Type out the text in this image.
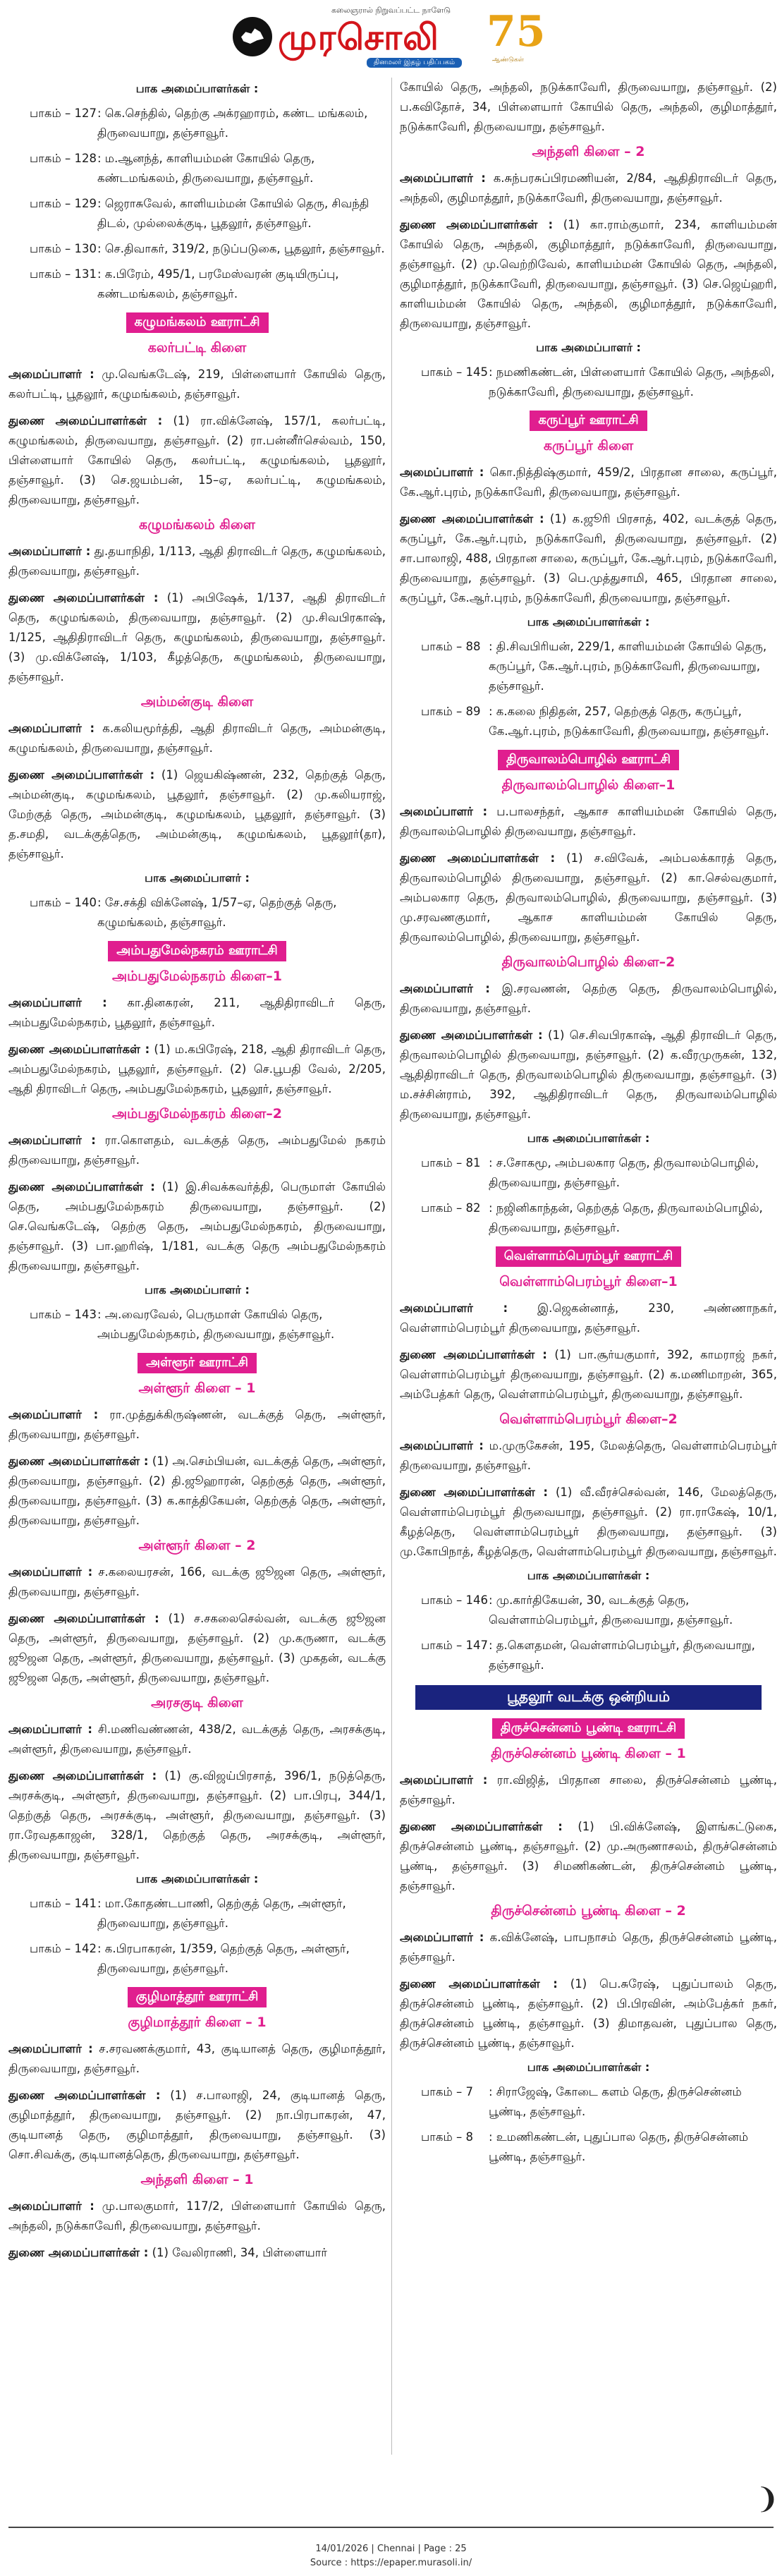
கலைஞரால் நிறுவப்பட்ட நாளேடு
முரசொலி
தினமலர் இதழ் பதிப்பகம்
75
ஆண்டுகள்
பாக அமைப்பாளர்கள் :
பாகம் – 127 : கெ.செந்தில், தெற்கு அக்ரஹாரம், கண்ட மங்கலம், திருவையாறு, தஞ்சாவூர்.
பாகம் – 128 : ம.ஆனந்த், காளியம்மன் கோயில் தெரு, கண்டமங்கலம், திருவையாறு, தஞ்சாவூர்.
பாகம் – 129 : ஜெராசுவேல், காளியம்மன் கோயில் தெரு, சிவந்தி திடல், முல்லைக்குடி, பூதலூர், தஞ்சாவூர்.
பாகம் – 130 : செ.திவாகர், 319/2, நடுப்படுகை, பூதலூர், தஞ்சாவூர்.
பாகம் – 131 : க.பிரேம், 495/1, பரமேஸ்வரன் குடியிருப்பு, கண்டமங்கலம், தஞ்சாவூர்.
கழுமங்கலம் ஊராட்சி
கலர்பட்டி கிளை

அமைப்பாளர் : மு.வெங்கடேஷ், 219, பிள்ளையார் கோயில் தெரு, கலர்பட்டி, பூதலூர், கழுமங்கலம், தஞ்சாவூர்.

துணை அமைப்பாளர்கள் : (1) ரா.விக்னேஷ், 157/1, கலர்பட்டி, கழுமங்கலம், திருவையாறு, தஞ்சாவூர். (2) ரா.பன்னீர்செல்வம், 150, பிள்ளையார் கோயில் தெரு, கலர்பட்டி, கழுமங்கலம், பூதலூர், தஞ்சாவூர். (3) செ.ஜயம்பன், 15–ஏ, கலர்பட்டி, கழுமங்கலம், திருவையாறு, தஞ்சாவூர்.

கழுமங்கலம் கிளை

அமைப்பாளர் : து.தயாநிதி, 1/113, ஆதி திராவிடர் தெரு, கழுமங்கலம், திருவையாறு, தஞ்சாவூர்.

துணை அமைப்பாளர்கள் : (1) அபிஷேக், 1/137, ஆதி திராவிடர் தெரு, கழுமங்கலம், திருவையாறு, தஞ்சாவூர். (2) மு.சிவபிரகாஷ், 1/125, ஆதிதிராவிடர் தெரு, கழுமங்கலம், திருவையாறு, தஞ்சாவூர். (3) மு.விக்னேஷ், 1/103, கீழத்தெரு, கழுமங்கலம், திருவையாறு, தஞ்சாவூர்.

அம்மன்குடி கிளை

அமைப்பாளர் : க.கலியமூர்த்தி, ஆதி திராவிடர் தெரு, அம்மன்குடி, கழுமங்கலம், திருவையாறு, தஞ்சாவூர்.

துணை அமைப்பாளர்கள் : (1) ஜெயகிஷ்ணன், 232, தெற்குத் தெரு, அம்மன்குடி, கழுமங்கலம், பூதலூர், தஞ்சாவூர். (2) மு.கலியராஜ், மேற்குத் தெரு, அம்மன்குடி, கழுமங்கலம், பூதலூர், தஞ்சாவூர். (3) த.சமதி, வடக்குத்தெரு, அம்மன்குடி, கழுமங்கலம், பூதலூர்(தா), தஞ்சாவூர்.

பாக அமைப்பாளர் :
பாகம் – 140 : சே.சக்தி விக்னேஷ், 1/57–ஏ, தெற்குத் தெரு, கழுமங்கலம், தஞ்சாவூர்.
அம்பதுமேல்நகரம் ஊராட்சி
அம்பதுமேல்நகரம் கிளை–1

அமைப்பாளர் : கா.தினகரன், 211, ஆதிதிராவிடர் தெரு, அம்பதுமேல்நகரம், பூதலூர், தஞ்சாவூர்.

துணை அமைப்பாளர்கள் : (1) ம.கபிரேஷ், 218, ஆதி திராவிடர் தெரு, அம்பதுமேல்நகரம், பூதலூர், தஞ்சாவூர். (2) செ.பூபதி வேல், 2/205, ஆதி திராவிடர் தெரு, அம்பதுமேல்நகரம், பூதலூர், தஞ்சாவூர்.

அம்பதுமேல்நகரம் கிளை–2

அமைப்பாளர் : ரா.கொளதம், வடக்குத் தெரு, அம்பதுமேல் நகரம் திருவையாறு, தஞ்சாவூர்.

துணை அமைப்பாளர்கள் : (1) இ.சிவக்கவர்த்தி, பெருமாள் கோயில் தெரு, அம்பதுமேல்நகரம் திருவையாறு, தஞ்சாவூர். (2) செ.வெங்கடேஷ், தெற்கு தெரு, அம்பதுமேல்நகரம், திருவையாறு, தஞ்சாவூர். (3) பா.ஹரிஷ், 1/181, வடக்கு தெரு அம்பதுமேல்நகரம் திருவையாறு, தஞ்சாவூர்.

பாக அமைப்பாளர் :
பாகம் – 143 : அ.வைரவேல், பெருமாள் கோயில் தெரு, அம்பதுமேல்நகரம், திருவையாறு, தஞ்சாவூர்.
அள்ளூர் ஊராட்சி
அள்ளூர் கிளை – 1

அமைப்பாளர் : ரா.முத்துக்கிருஷ்ணன், வடக்குத் தெரு, அள்ளூர், திருவையாறு, தஞ்சாவூர்.

துணை அமைப்பாளர்கள் : (1) அ.செம்பியன், வடக்குத் தெரு, அள்ளூர், திருவையாறு, தஞ்சாவூர். (2) தி.ஜூஹாரன், தெற்குத் தெரு, அள்ளூர், திருவையாறு, தஞ்சாவூர். (3) க.காத்திகேயன், தெற்குத் தெரு, அள்ளூர், திருவையாறு, தஞ்சாவூர்.

அள்ளூர் கிளை – 2

அமைப்பாளர் : ச.கலையரசன், 166, வடக்கு ஜூஜன தெரு, அள்ளூர், திருவையாறு, தஞ்சாவூர்.

துணை அமைப்பாளர்கள் : (1) ச.சகலைசெல்வன், வடக்கு ஜூஜன தெரு, அள்ளூர், திருவையாறு, தஞ்சாவூர். (2) மு.கருணா, வடக்கு ஜூஜன தெரு, அள்ளூர், திருவையாறு, தஞ்சாவூர். (3) முகதன், வடக்கு ஜூஜன தெரு, அள்ளூர், திருவையாறு, தஞ்சாவூர்.

அரசகுடி கிளை

அமைப்பாளர் : சி.மணிவண்ணன், 438/2, வடக்குத் தெரு, அரசக்குடி, அள்ளூர், திருவையாறு, தஞ்சாவூர்.

துணை அமைப்பாளர்கள் : (1) கு.விஜய்பிரசாத், 396/1, நடுத்தெரு, அரசக்குடி, அள்ளூர், திருவையாறு, தஞ்சாவூர். (2) பா.பிரபு, 344/1, தெற்குத் தெரு, அரசக்குடி, அள்ளூர், திருவையாறு, தஞ்சாவூர். (3) ரா.ரேவதகாஜன், 328/1, தெற்குத் தெரு, அரசக்குடி, அள்ளூர், திருவையாறு, தஞ்சாவூர்.

பாக அமைப்பாளர்கள் :
பாகம் – 141 : மா.கோதண்டபாணி, தெற்குத் தெரு, அள்ளூர், திருவையாறு, தஞ்சாவூர்.
பாகம் – 142 : க.பிரபாகரன், 1/359, தெற்குத் தெரு, அள்ளூர், திருவையாறு, தஞ்சாவூர்.
குழிமாத்தூர் ஊராட்சி
குழிமாத்தூர் கிளை – 1

அமைப்பாளர் : ச.சரவணக்குமார், 43, குடியானத் தெரு, குழிமாத்தூர், திருவையாறு, தஞ்சாவூர்.

துணை அமைப்பாளர்கள் : (1) ச.பாலாஜி, 24, குடியானத் தெரு, குழிமாத்தூர், திருவையாறு, தஞ்சாவூர். (2) நா.பிரபாகரன், 47, குடியானத் தெரு, குழிமாத்தூர், திருவையாறு, தஞ்சாவூர். (3) சொ.சிவக்கு, குடியானத்தெரு, திருவையாறு, தஞ்சாவூர்.

அந்தளி கிளை – 1

அமைப்பாளர் : மு.பாலகுமார், 117/2, பிள்ளையார் கோயில் தெரு, அந்தலி, நடுக்காவேரி, திருவையாறு, தஞ்சாவூர்.

துணை அமைப்பாளர்கள் : (1) வேலிராணி, 34, பிள்ளையார்

கோயில் தெரு, அந்தலி, நடுக்காவேரி, திருவையாறு, தஞ்சாவூர். (2) ப.கவிதோச், 34, பிள்ளையார் கோயில் தெரு, அந்தலி, குழிமாத்தூர், நடுக்காவேரி, திருவையாறு, தஞ்சாவூர்.

அந்தளி கிளை – 2

அமைப்பாளர் : க.சுந்பரசுப்பிரமணியன், 2/84, ஆதிதிராவிடர் தெரு, அந்தலி, குழிமாத்தூர், நடுக்காவேரி, திருவையாறு, தஞ்சாவூர்.

துணை அமைப்பாளர்கள் : (1) கா.ராம்குமார், 234, காளியம்மன் கோயில் தெரு, அந்தலி, குழிமாத்தூர், நடுக்காவேரி, திருவையாறு, தஞ்சாவூர். (2) மு.வெற்றிவேல், காளியம்மன் கோயில் தெரு, அந்தலி, குழிமாத்தூர், நடுக்காவேரி, திருவையாறு, தஞ்சாவூர். (3) செ.ஜெய்ஹரி, காளியம்மன் கோயில் தெரு, அந்தலி, குழிமாத்தூர், நடுக்காவேரி, திருவையாறு, தஞ்சாவூர்.

பாக அமைப்பாளர் :
பாகம் – 145 : நமணிகண்டன், பிள்ளையார் கோயில் தெரு, அந்தலி, நடுக்காவேரி, திருவையாறு, தஞ்சாவூர்.
கருப்பூர் ஊராட்சி
கருப்பூர் கிளை

அமைப்பாளர் : கொ.நித்திஷ்குமார், 459/2, பிரதான சாலை, கருப்பூர், கே.ஆர்.புரம், நடுக்காவேரி, திருவையாறு, தஞ்சாவூர்.

துணை அமைப்பாளர்கள் : (1) க.ஜூரி பிரசாத், 402, வடக்குத் தெரு, கருப்பூர், கே.ஆர்.புரம், நடுக்காவேரி, திருவையாறு, தஞ்சாவூர். (2) சா.பாலாஜி, 488, பிரதான சாலை, கருப்பூர், கே.ஆர்.புரம், நடுக்காவேரி, திருவையாறு, தஞ்சாவூர். (3) பெ.முத்துசாமி, 465, பிரதான சாலை, கருப்பூர், கே.ஆர்.புரம், நடுக்காவேரி, திருவையாறு, தஞ்சாவூர்.

பாக அமைப்பாளர்கள் :
பாகம் – 88 : தி.சிவபிரியன், 229/1, காளியம்மன் கோயில் தெரு, கருப்பூர், கே.ஆர்.புரம், நடுக்காவேரி, திருவையாறு, தஞ்சாவூர்.
பாகம் – 89 : க.கலை நிதிதன், 257, தெற்குத் தெரு, கருப்பூர், கே.ஆர்.புரம், நடுக்காவேரி, திருவையாறு, தஞ்சாவூர்.
திருவாலம்பொழில் ஊராட்சி
திருவாலம்பொழில் கிளை–1

அமைப்பாளர் : ப.பாலசந்தர், ஆகாச காளியம்மன் கோயில் தெரு, திருவாலம்பொழில் திருவையாறு, தஞ்சாவூர்.

துணை அமைப்பாளர்கள் : (1) ச.விவேக், அம்பலக்காரத் தெரு, திருவாலம்பொழில் திருவையாறு, தஞ்சாவூர். (2) கா.செல்வகுமார், அம்பலகார தெரு, திருவாலம்பொழில், திருவையாறு, தஞ்சாவூர். (3) மு.சரவணகுமார், ஆகாச காளியம்மன் கோயில் தெரு, திருவாலம்பொழில், திருவையாறு, தஞ்சாவூர்.

திருவாலம்பொழில் கிளை–2

அமைப்பாளர் : இ.சரவணன், தெற்கு தெரு, திருவாலம்பொழில், திருவையாறு, தஞ்சாவூர்.

துணை அமைப்பாளர்கள் : (1) செ.சிவபிரகாஷ், ஆதி திராவிடர் தெரு, திருவாலம்பொழில் திருவையாறு, தஞ்சாவூர். (2) க.வீரமுருகன், 132, ஆதிதிராவிடர் தெரு, திருவாலம்பொழில் திருவையாறு, தஞ்சாவூர். (3) ம.சச்சின்ராம், 392, ஆதிதிராவிடர் தெரு, திருவாலம்பொழில் திருவையாறு, தஞ்சாவூர்.

பாக அமைப்பாளர்கள் :
பாகம் – 81 : ச.சோகமூ, அம்பலகார தெரு, திருவாலம்பொழில், திருவையாறு, தஞ்சாவூர்.
பாகம் – 82 : நஜினிகாந்தன், தெற்குத் தெரு, திருவாலம்பொழில், திருவையாறு, தஞ்சாவூர்.
வெள்ளாம்பெரம்பூர் ஊராட்சி
வெள்ளாம்பெரம்பூர் கிளை–1

அமைப்பாளர் : இ.ஜெகன்னாத், 230, அண்ணாநகர், வெள்ளாம்பெரம்பூர் திருவையாறு, தஞ்சாவூர்.

துணை அமைப்பாளர்கள் : (1) பா.சூர்யகுமார், 392, காமராஜ் நகர், வெள்ளாம்பெரம்பூர் திருவையாறு, தஞ்சாவூர். (2) க.மணிமாறன், 365, அம்பேத்கர் தெரு, வெள்ளாம்பெரம்பூர், திருவையாறு, தஞ்சாவூர்.

வெள்ளாம்பெரம்பூர் கிளை–2

அமைப்பாளர் : ம.முருகேசன், 195, மேலத்தெரு, வெள்ளாம்பெரம்பூர் திருவையாறு, தஞ்சாவூர்.

துணை அமைப்பாளர்கள் : (1) வீ.வீரச்செல்வன், 146, மேலத்தெரு, வெள்ளாம்பெரம்பூர் திருவையாறு, தஞ்சாவூர். (2) ரா.ராகேஷ், 10/1, கீழத்தெரு, வெள்ளாம்பெரம்பூர் திருவையாறு, தஞ்சாவூர். (3) மு.கோபிநாத், கீழத்தெரு, வெள்ளாம்பெரம்பூர் திருவையாறு, தஞ்சாவூர்.

பாக அமைப்பாளர்கள் :
பாகம் – 146 : மு.கார்திகேயன், 30, வடக்குத் தெரு, வெள்ளாம்பெரம்பூர், திருவையாறு, தஞ்சாவூர்.
பாகம் – 147 : த.கௌதமன், வெள்ளாம்பெரம்பூர், திருவையாறு, தஞ்சாவூர்.
பூதலூர் வடக்கு ஒன்றியம்
திருச்சென்னம் பூண்டி ஊராட்சி
திருச்சென்னம் பூண்டி கிளை – 1

அமைப்பாளர் : ரா.விஜித், பிரதான சாலை, திருச்சென்னம் பூண்டி, தஞ்சாவூர்.

துணை அமைப்பாளர்கள் : (1) பி.விக்னேஷ், இளங்கட்டுகை, திருச்சென்னம் பூண்டி, தஞ்சாவூர். (2) மு.அருணாசலம், திருச்சென்னம் பூண்டி, தஞ்சாவூர். (3) சிமணிகண்டன், திருச்சென்னம் பூண்டி, தஞ்சாவூர்.

திருச்சென்னம் பூண்டி கிளை – 2

அமைப்பாளர் : க.விக்னேஷ், பாபநாசம் தெரு, திருச்சென்னம் பூண்டி, தஞ்சாவூர்.

துணை அமைப்பாளர்கள் : (1) பெ.சுரேஷ், புதுப்பாலம் தெரு, திருச்சென்னம் பூண்டி, தஞ்சாவூர். (2) பி.பிரவின், அம்பேத்கர் நகர், திருச்சென்னம் பூண்டி, தஞ்சாவூர். (3) திமாதவன், புதுப்பால தெரு, திருச்சென்னம் பூண்டி, தஞ்சாவூர்.

பாக அமைப்பாளர்கள் :
பாகம் – 7	: சிராஜேஷ், கோடை களம் தெரு, திருச்சென்னம் பூண்டி, தஞ்சாவூர்.
பாகம் – 8	: உமணிகண்டன், புதுப்பால தெரு, திருச்சென்னம் பூண்டி, தஞ்சாவூர்.
❩
14/01/2026 | Chennai | Page : 25
Source : https://epaper.murasoli.in/
